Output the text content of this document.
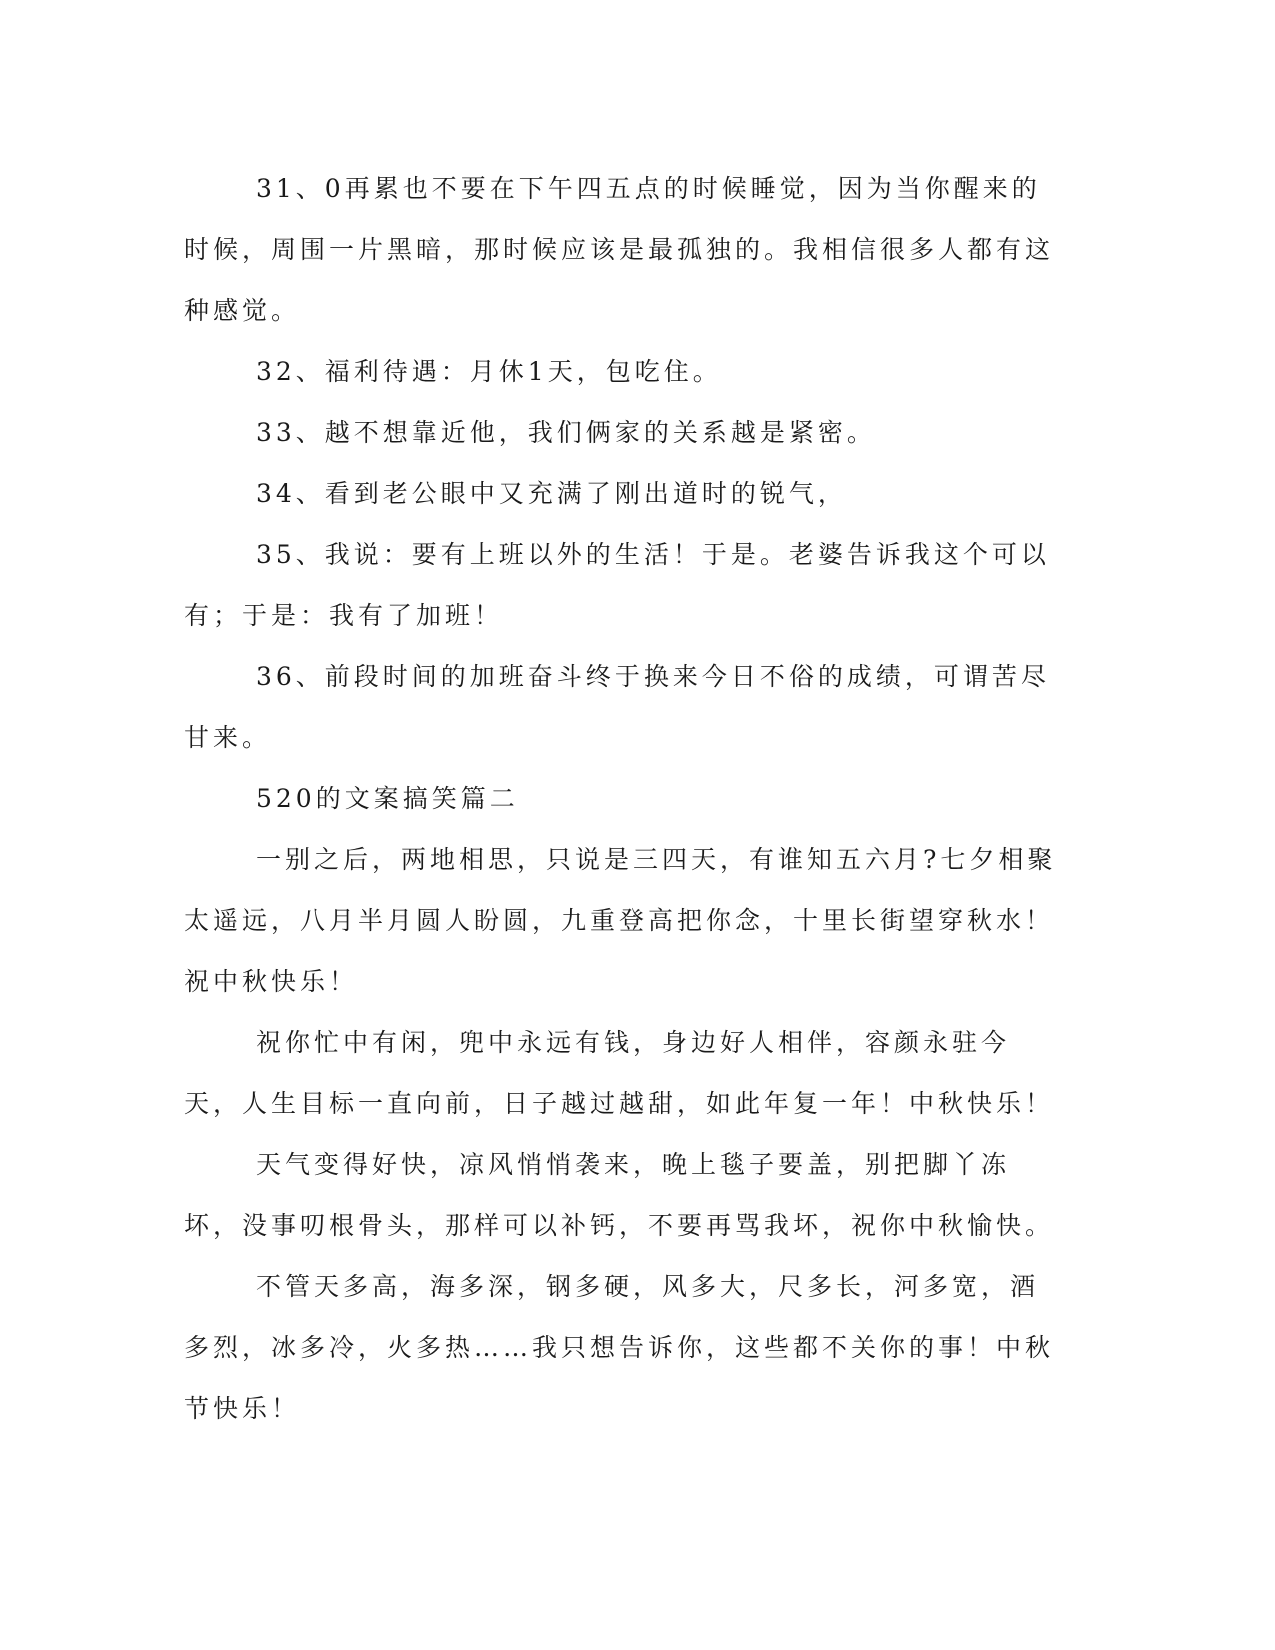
31、0再累也不要在下午四五点的时候睡觉，因为当你醒来的时候，周围一片黑暗，那时候应该是最孤独的。我相信很多人都有这种感觉。

32、福利待遇：月休1天，包吃住。

33、越不想靠近他，我们俩家的关系越是紧密。

34、看到老公眼中又充满了刚出道时的锐气，

35、我说：要有上班以外的生活！于是。老婆告诉我这个可以有；于是：我有了加班！

36、前段时间的加班奋斗终于换来今日不俗的成绩，可谓苦尽甘来。

520的文案搞笑篇二

一别之后，两地相思，只说是三四天，有谁知五六月?七夕相聚太遥远，八月半月圆人盼圆，九重登高把你念，十里长街望穿秋水！祝中秋快乐！

祝你忙中有闲，兜中永远有钱，身边好人相伴，容颜永驻今天，人生目标一直向前，日子越过越甜，如此年复一年！中秋快乐！

天气变得好快，凉风悄悄袭来，晚上毯子要盖，别把脚丫冻坏，没事叨根骨头，那样可以补钙，不要再骂我坏，祝你中秋愉快。

不管天多高，海多深，钢多硬，风多大，尺多长，河多宽，酒多烈，冰多冷，火多热……我只想告诉你，这些都不关你的事！中秋节快乐！
